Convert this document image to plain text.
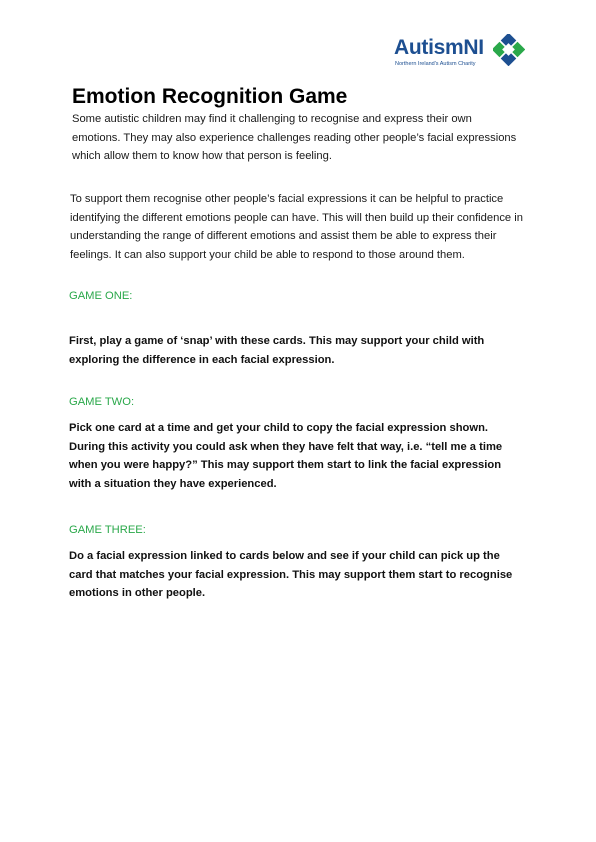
AutismNI
Northern Ireland's Autism Charity
Emotion Recognition Game

Some autistic children may find it challenging to recognise and express their own emotions. They may also experience challenges reading other people’s facial expressions which allow them to know how that person is feeling.

To support them recognise other people’s facial expressions it can be helpful to practice identifying the different emotions people can have. This will then build up their confidence in understanding the range of different emotions and assist them be able to express their feelings. It can also support your child be able to respond to those around them.

GAME ONE:

First, play a game of ‘snap’ with these cards. This may support your child with exploring the difference in each facial expression.

GAME TWO:

Pick one card at a time and get your child to copy the facial expression shown. During this activity you could ask when they have felt that way, i.e. “tell me a time when you were happy?” This may support them start to link the facial expression with a situation they have experienced.

GAME THREE:

Do a facial expression linked to cards below and see if your child can pick up the card that matches your facial expression. This may support them start to recognise emotions in other people.
